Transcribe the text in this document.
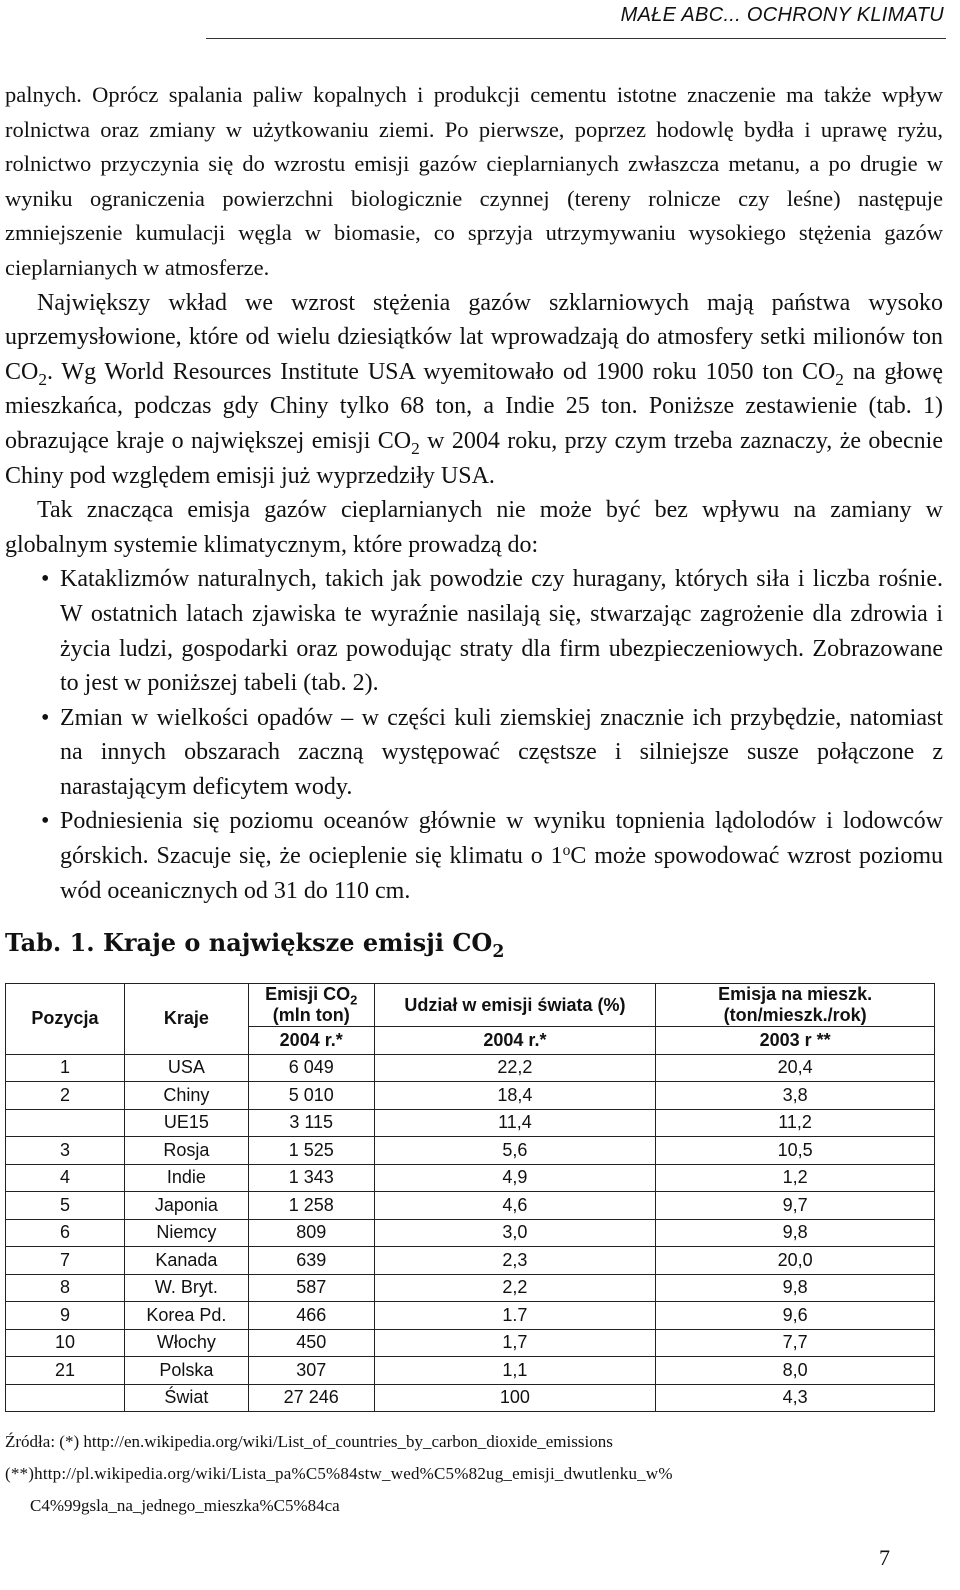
MAŁE ABC... OCHRONY KLIMATU

palnych. Oprócz spalania paliw kopalnych i produkcji cementu istotne znaczenie ma także wpływ rolnictwa oraz zmiany w użytkowaniu ziemi. Po pierwsze, poprzez hodowlę bydła i uprawę ryżu, rolnictwo przyczynia się do wzrostu emisji gazów cieplarnianych zwłaszcza metanu, a po drugie w wyniku ograniczenia powierzchni biologicznie czynnej (tereny rolnicze czy leśne) następuje zmniejszenie kumulacji węgla w biomasie, co sprzyja utrzymywaniu wysokiego stężenia gazów cieplarnianych w atmosferze.

Największy wkład we wzrost stężenia gazów szklarniowych mają państwa wysoko uprzemysłowione, które od wielu dziesiątków lat wprowadzają do atmosfery setki milionów ton $CO_2$. Wg World Resources Institute USA wyemitowało od 1900 roku 1050 ton $CO_2$ na głowę mieszkańca, podczas gdy Chiny tylko 68 ton, a Indie 25 ton. Poniższe zestawienie (tab. 1) obrazujące kraje o największej emisji $CO_2$ w 2004 roku, przy czym trzeba zaznaczy, że obecnie Chiny pod względem emisji już wyprzedziły USA.

Tak znacząca emisja gazów cieplarnianych nie może być bez wpływu na zamiany w globalnym systemie klimatycznym, które prowadzą do:

• Kataklizmów naturalnych, takich jak powodzie czy huragany, których siła i liczba rośnie. W ostatnich latach zjawiska te wyraźnie nasilają się, stwarzając zagrożenie dla zdrowia i życia ludzi, gospodarki oraz powodując straty dla firm ubezpieczeniowych. Zobrazowane to jest w poniższej tabeli (tab. 2).
• Zmian w wielkości opadów – w części kuli ziemskiej znacznie ich przybędzie, natomiast na innych obszarach zaczną występować częstsze i silniejsze susze połączone z narastającym deficytem wody.
• Podniesienia się poziomu oceanów głównie w wyniku topnienia lądolodów i lodowców górskich. Szacuje się, że ocieplenie się klimatu o 1$^o$C może spowodować wzrost poziomu wód oceanicznych od 31 do 110 cm.
Tab. 1. Kraje o największe emisji $CO_2$
Pozycja	Kraje	Emisji $CO_2$
(mln ton)	Udział w emisji świata (%)	Emisja na mieszk.
(ton/mieszk./rok)
		2004 r.*	2004 r.*	2003 r **
1	USA	6 049	22,2	20,4
2	Chiny	5 010	18,4	3,8
	UE15	3 115	11,4	11,2
3	Rosja	1 525	5,6	10,5
4	Indie	1 343	4,9	1,2
5	Japonia	1 258	4,6	9,7
6	Niemcy	809	3,0	9,8
7	Kanada	639	2,3	20,0
8	W. Bryt.	587	2,2	9,8
9	Korea Pd.	466	1.7	9,6
10	Włochy	450	1,7	7,7
21	Polska	307	1,1	8,0
	Świat	27 246	100	4,3
Źródła: (*) http://en.wikipedia.org/wiki/List_of_countries_by_carbon_dioxide_emissions
(**)http://pl.wikipedia.org/wiki/Lista_pa%C5%84stw_wed%C5%82ug_emisji_dwutlenku_w%
C4%99gsla_na_jednego_mieszka%C5%84ca
7
